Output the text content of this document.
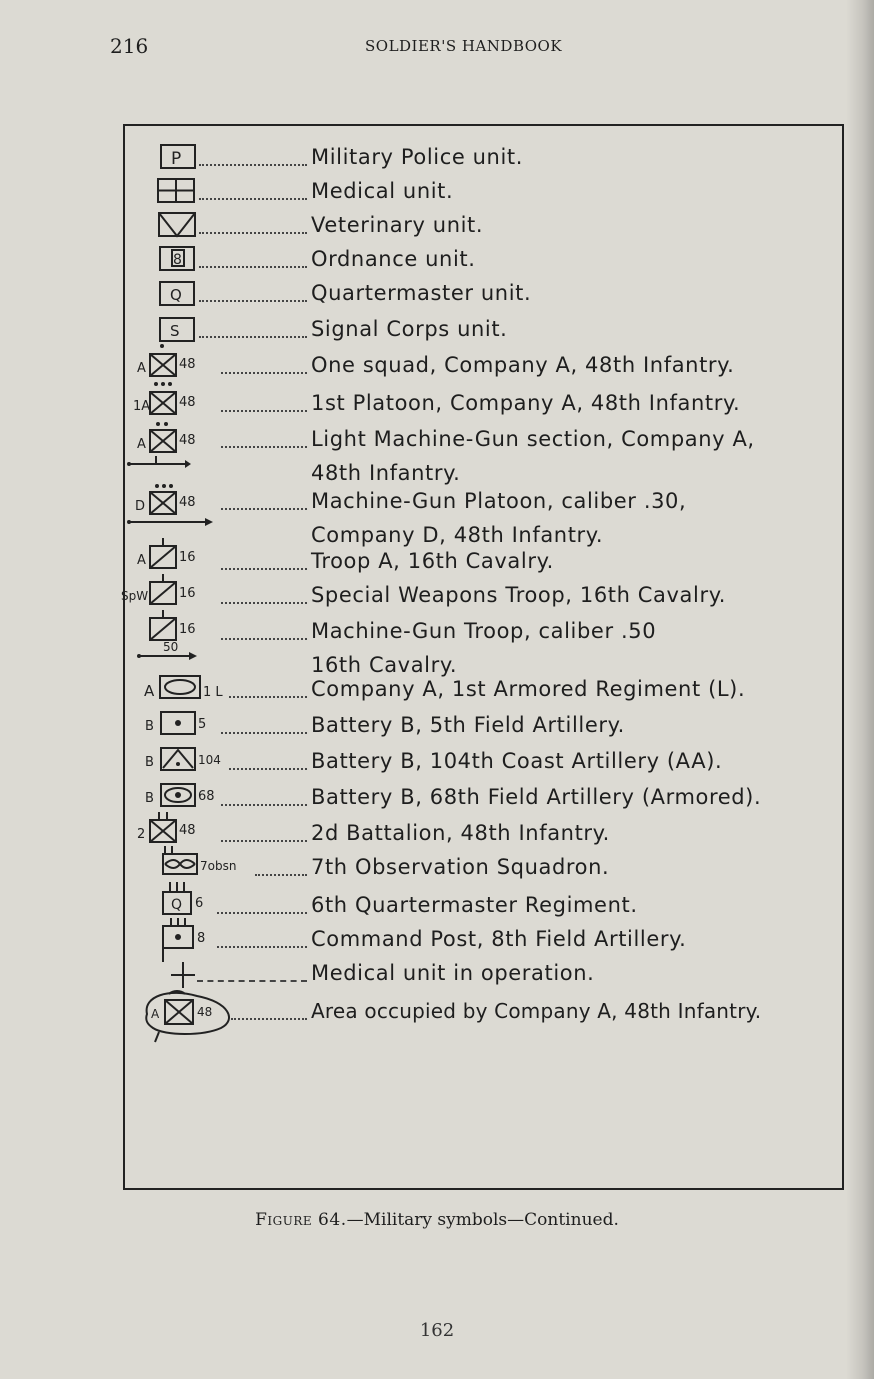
216	SOLDIER'S HANDBOOK
P	Military Police unit.
Medical unit.
Veterinary unit.
8	Ordnance unit.
Q	Quartermaster unit.
S	Signal Corps unit.
A	48	One squad, Company A, 48th Infantry.
1A 48	1st Platoon, Company A, 48th Infantry.
A	48	Light Machine-Gun section, Company A,
48th Infantry.
D	48	Machine-Gun Platoon, caliber .30,
Company D, 48th Infantry.
A	16	Troop A, 16th Cavalry.
SpW 16	Special Weapons Troop, 16th Cavalry.
50
16	Machine-Gun Troop, caliber .50
16th Cavalry.
A	1 L	Company A, 1st Armored Regiment (L).
B	5	Battery B, 5th Field Artillery.
B	104	Battery B, 104th Coast Artillery (AA).
B	68	Battery B, 68th Field Artillery (Armored).
2	48	2d Battalion, 48th Infantry.
7obsn	7th Observation Squadron.
Q 6	6th Quartermaster Regiment.
8	Command Post, 8th Field Artillery.
Medical unit in operation.
A	48	Area occupied by Company A, 48th Infantry.
Figure 64.—Military symbols—Continued.
162
